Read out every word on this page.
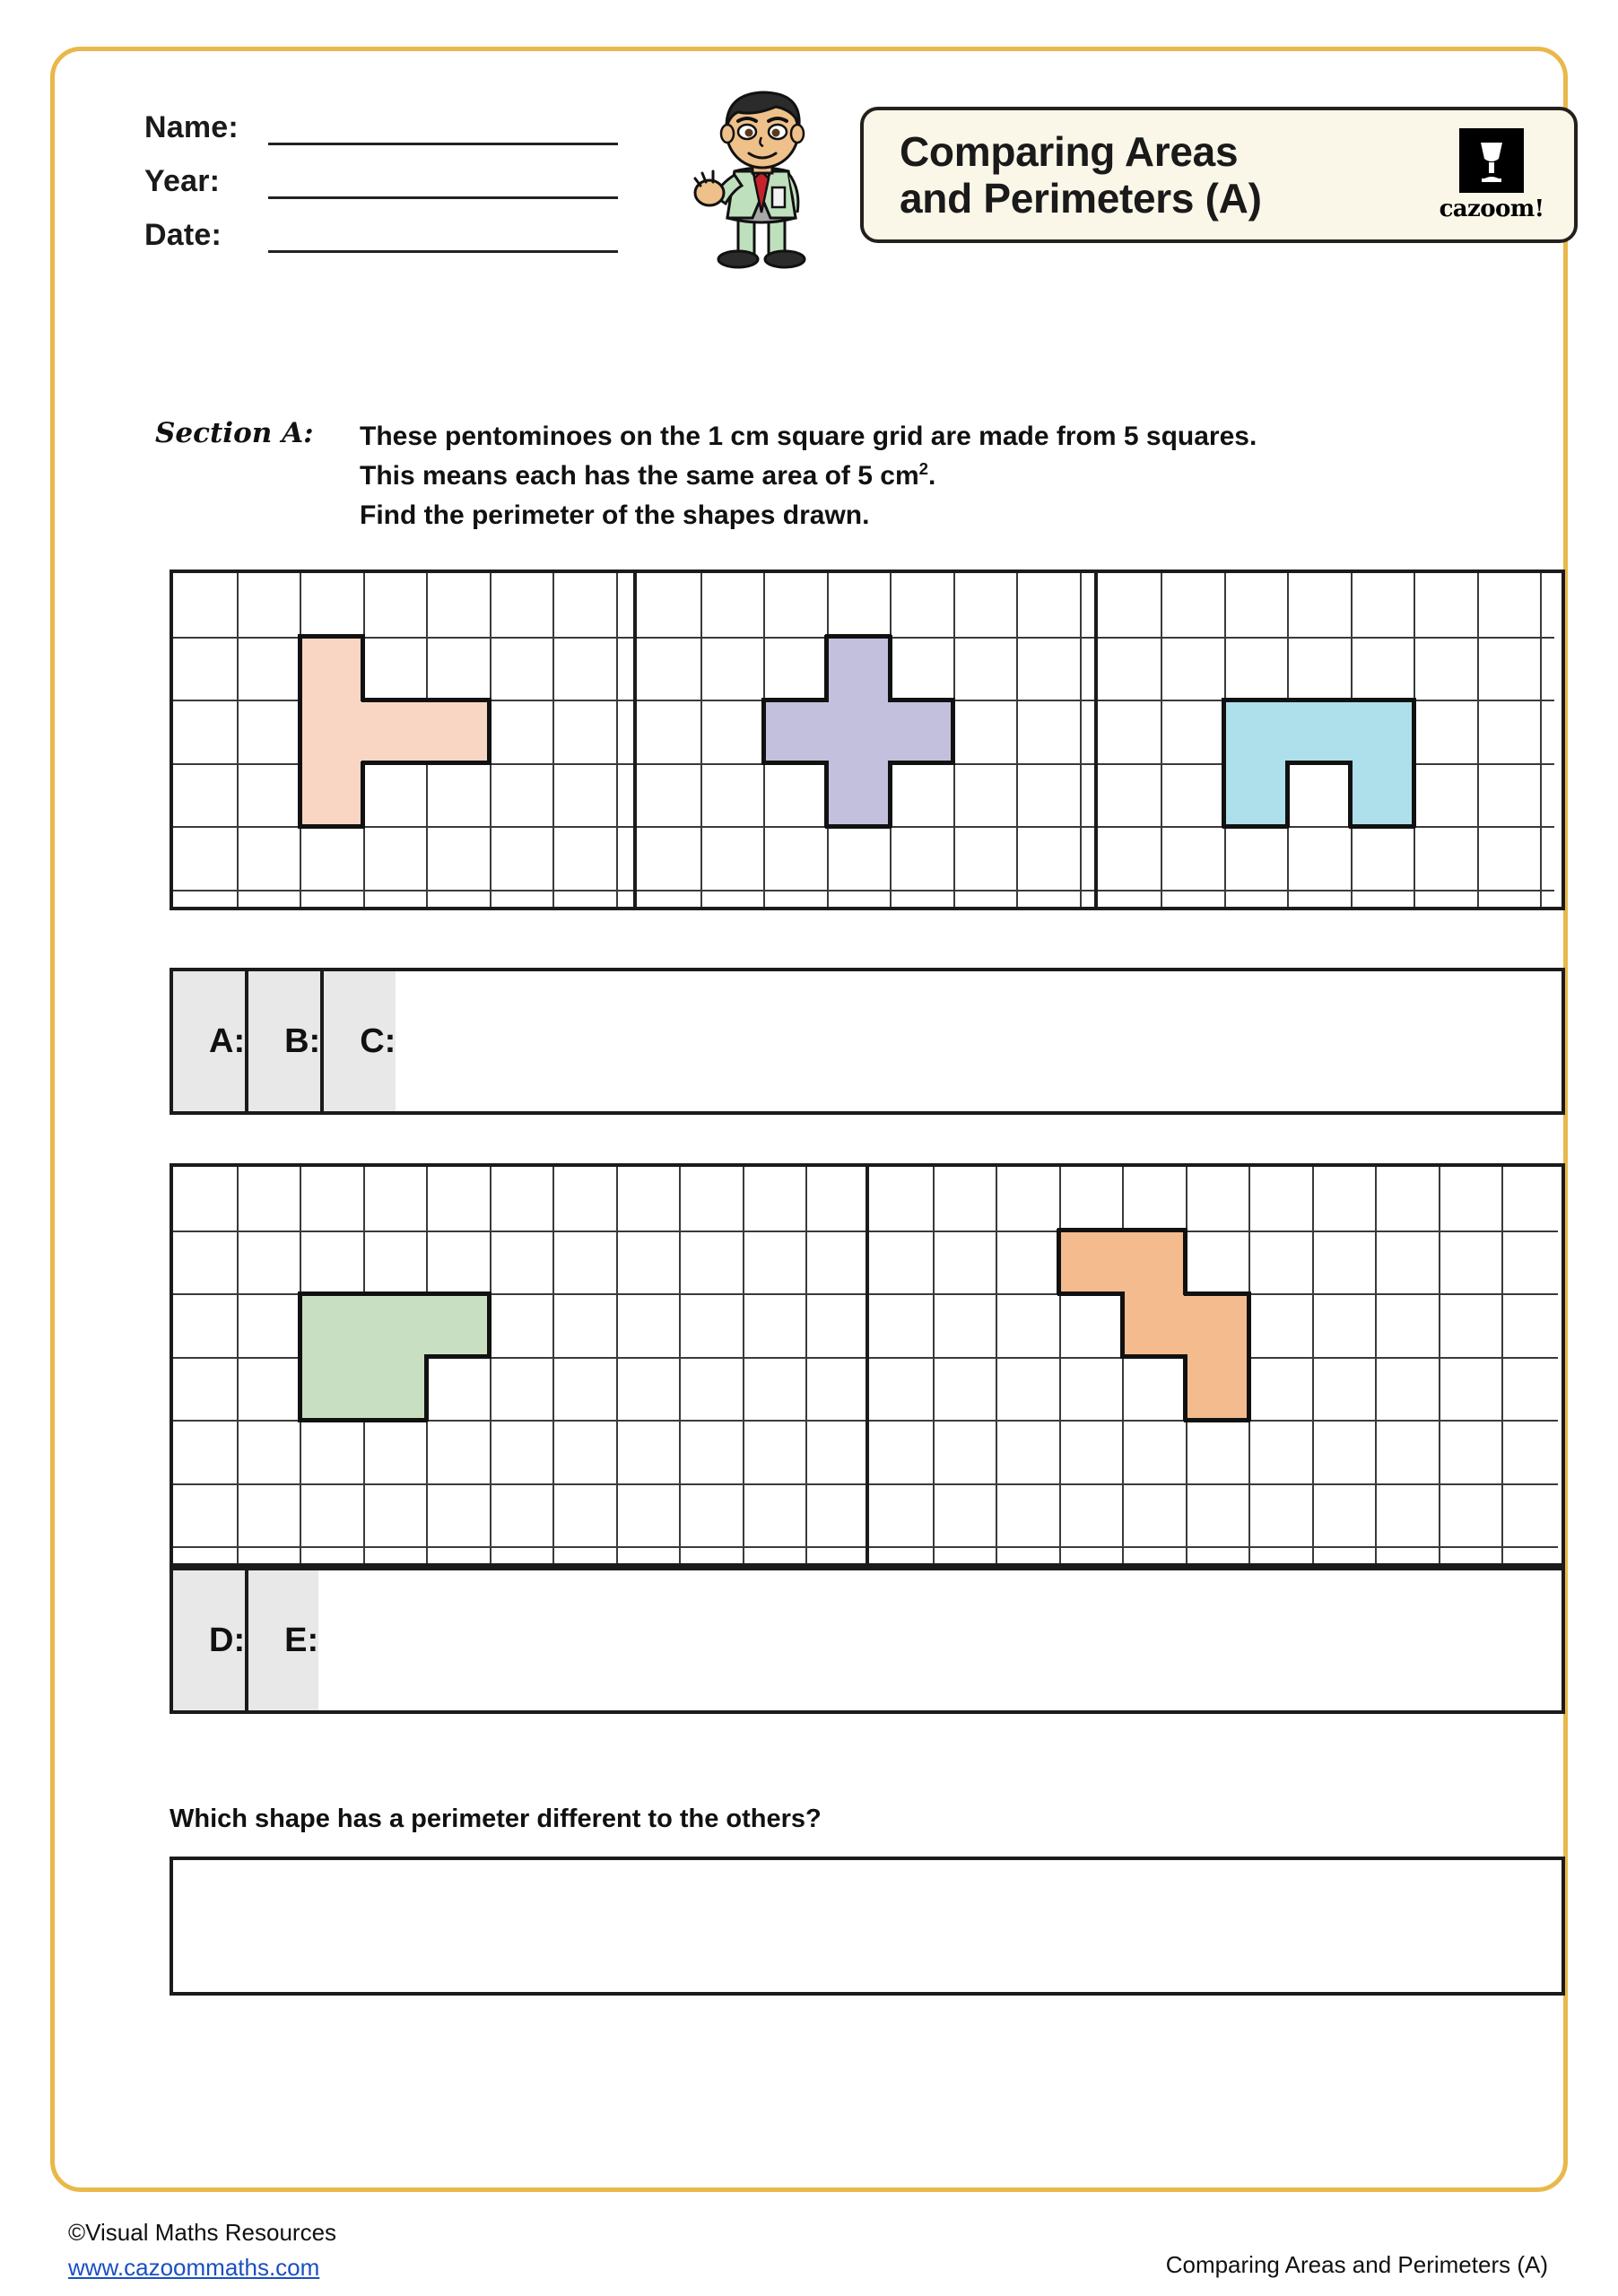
Name:
Year:
Date:
Comparing Areas
and Perimeters (A)	cazoom!
Section A: These pentominoes on the 1 cm square grid are made from 5 squares.
This means each has the same area of 5 $cm^2$.
Find the perimeter of the shapes drawn.
A:	B:	C:
D:	E:
Which shape has a perimeter different to the others?
©Visual Maths Resources
www.cazoommaths.com	Comparing Areas and Perimeters (A)
